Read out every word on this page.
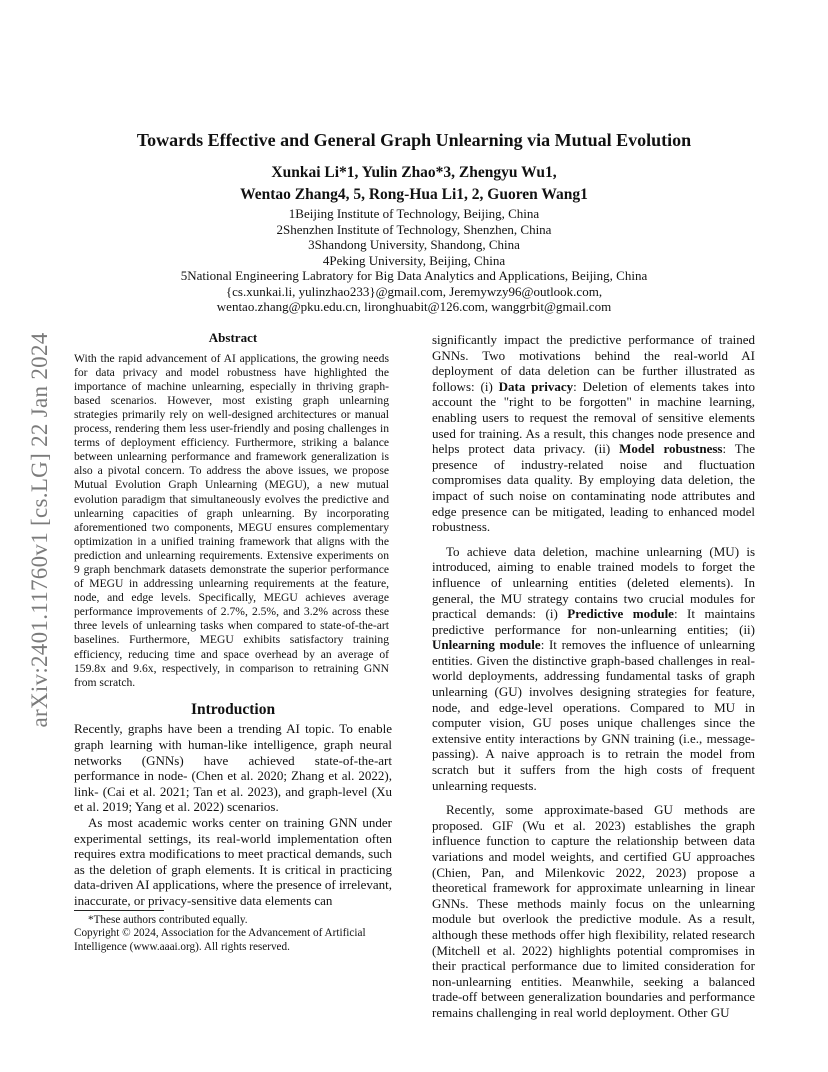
arXiv:2401.11760v1 [cs.LG] 22 Jan 2024
Towards Effective and General Graph Unlearning via Mutual Evolution
Xunkai Li*1, Yulin Zhao*3, Zhengyu Wu1,
Wentao Zhang4, 5, Rong-Hua Li1, 2, Guoren Wang1
1Beijing Institute of Technology, Beijing, China
2Shenzhen Institute of Technology, Shenzhen, China
3Shandong University, Shandong, China
4Peking University, Beijing, China
5National Engineering Labratory for Big Data Analytics and Applications, Beijing, China
{cs.xunkai.li, yulinzhao233}@gmail.com, Jeremywzy96@outlook.com,
wentao.zhang@pku.edu.cn, lironghuabit@126.com, wanggrbit@gmail.com
Abstract

With the rapid advancement of AI applications, the growing needs for data privacy and model robustness have highlighted the importance of machine unlearning, especially in thriving graph-based scenarios. However, most existing graph unlearning strategies primarily rely on well-designed architectures or manual process, rendering them less user-friendly and posing challenges in terms of deployment efficiency. Furthermore, striking a balance between unlearning performance and framework generalization is also a pivotal concern. To address the above issues, we propose Mutual Evolution Graph Unlearning (MEGU), a new mutual evolution paradigm that simultaneously evolves the predictive and unlearning capacities of graph unlearning. By incorporating aforementioned two components, MEGU ensures complementary optimization in a unified training framework that aligns with the prediction and unlearning requirements. Extensive experiments on 9 graph benchmark datasets demonstrate the superior performance of MEGU in addressing unlearning requirements at the feature, node, and edge levels. Specifically, MEGU achieves average performance improvements of 2.7%, 2.5%, and 3.2% across these three levels of unlearning tasks when compared to state-of-the-art baselines. Furthermore, MEGU exhibits satisfactory training efficiency, reducing time and space overhead by an average of 159.8x and 9.6x, respectively, in comparison to retraining GNN from scratch.

Introduction

Recently, graphs have been a trending AI topic. To enable graph learning with human-like intelligence, graph neural networks (GNNs) have achieved state-of-the-art performance in node- (Chen et al. 2020; Zhang et al. 2022), link- (Cai et al. 2021; Tan et al. 2023), and graph-level (Xu et al. 2019; Yang et al. 2022) scenarios.

As most academic works center on training GNN under experimental settings, its real-world implementation often requires extra modifications to meet practical demands, such as the deletion of graph elements. It is critical in practicing data-driven AI applications, where the presence of irrelevant, inaccurate, or privacy-sensitive data elements can

*These authors contributed equally.

Copyright © 2024, Association for the Advancement of Artificial Intelligence (www.aaai.org). All rights reserved.

significantly impact the predictive performance of trained GNNs. Two motivations behind the real-world AI deployment of data deletion can be further illustrated as follows: (i) Data privacy: Deletion of elements takes into account the "right to be forgotten" in machine learning, enabling users to request the removal of sensitive elements used for training. As a result, this changes node presence and helps protect data privacy. (ii) Model robustness: The presence of industry-related noise and fluctuation compromises data quality. By employing data deletion, the impact of such noise on contaminating node attributes and edge presence can be mitigated, leading to enhanced model robustness.

To achieve data deletion, machine unlearning (MU) is introduced, aiming to enable trained models to forget the influence of unlearning entities (deleted elements). In general, the MU strategy contains two crucial modules for practical demands: (i) Predictive module: It maintains predictive performance for non-unlearning entities; (ii) Unlearning module: It removes the influence of unlearning entities. Given the distinctive graph-based challenges in real-world deployments, addressing fundamental tasks of graph unlearning (GU) involves designing strategies for feature, node, and edge-level operations. Compared to MU in computer vision, GU poses unique challenges since the extensive entity interactions by GNN training (i.e., message-passing). A naive approach is to retrain the model from scratch but it suffers from the high costs of frequent unlearning requests.

Recently, some approximate-based GU methods are proposed. GIF (Wu et al. 2023) establishes the graph influence function to capture the relationship between data variations and model weights, and certified GU approaches (Chien, Pan, and Milenkovic 2022, 2023) propose a theoretical framework for approximate unlearning in linear GNNs. These methods mainly focus on the unlearning module but overlook the predictive module. As a result, although these methods offer high flexibility, related research (Mitchell et al. 2022) highlights potential compromises in their practical performance due to limited consideration for non-unlearning entities. Meanwhile, seeking a balanced trade-off between generalization boundaries and performance remains challenging in real world deployment. Other GU
